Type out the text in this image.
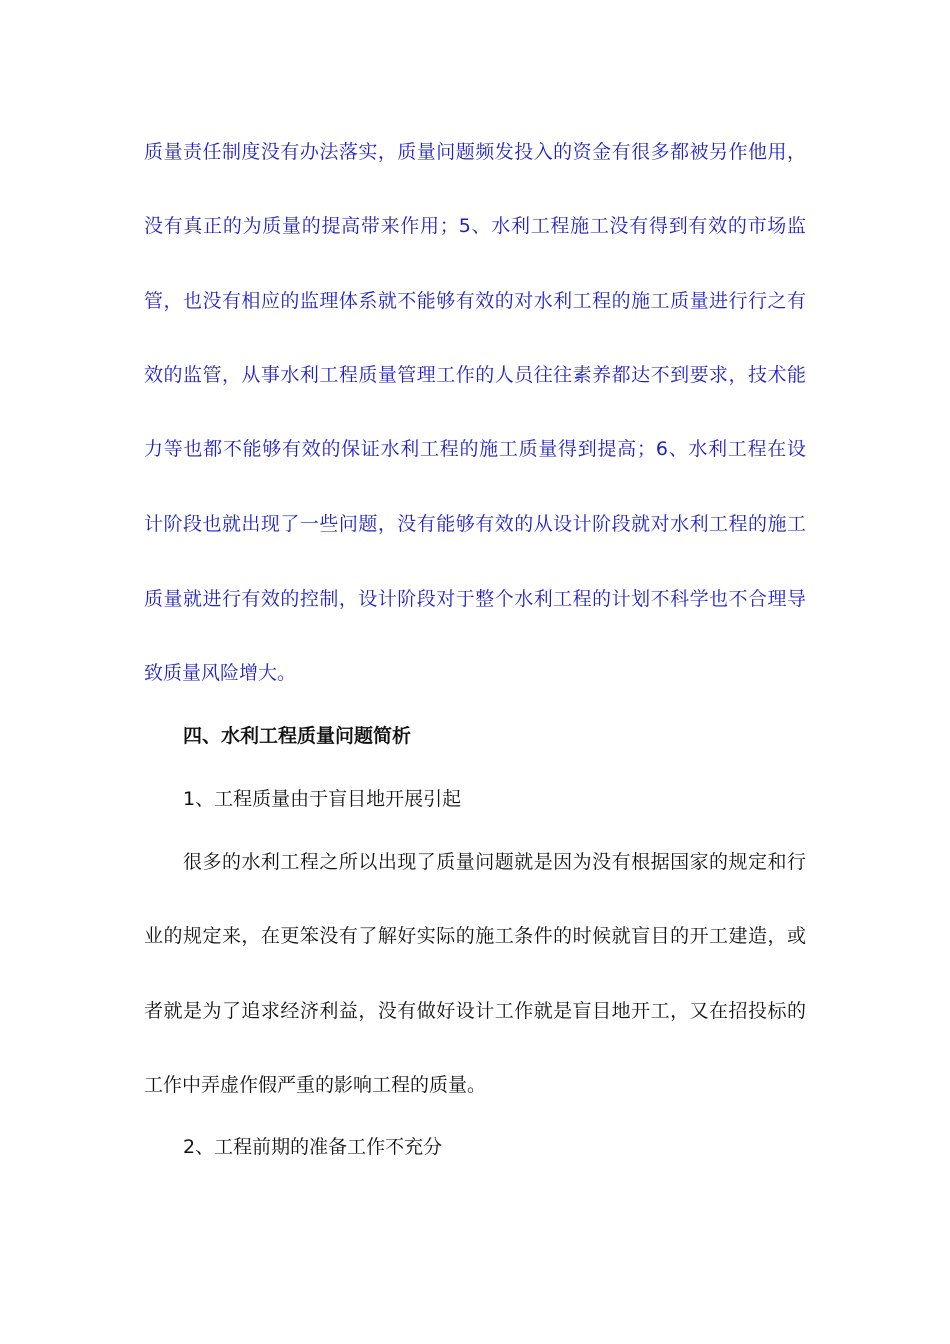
质量责任制度没有办法落实，质量问题频发投入的资金有很多都被另作他用，
没有真正的为质量的提高带来作用；5、水利工程施工没有得到有效的市场监
管，也没有相应的监理体系就不能够有效的对水利工程的施工质量进行行之有
效的监管，从事水利工程质量管理工作的人员往往素养都达不到要求，技术能
力等也都不能够有效的保证水利工程的施工质量得到提高；6、水利工程在设
计阶段也就出现了一些问题，没有能够有效的从设计阶段就对水利工程的施工
质量就进行有效的控制，设计阶段对于整个水利工程的计划不科学也不合理导
致质量风险增大。
四、水利工程质量问题简析
1、工程质量由于盲目地开展引起
很多的水利工程之所以出现了质量问题就是因为没有根据国家的规定和行
业的规定来，在更笨没有了解好实际的施工条件的时候就盲目的开工建造，或
者就是为了追求经济利益，没有做好设计工作就是盲目地开工，又在招投标的
工作中弄虚作假严重的影响工程的质量。
2、工程前期的准备工作不充分
